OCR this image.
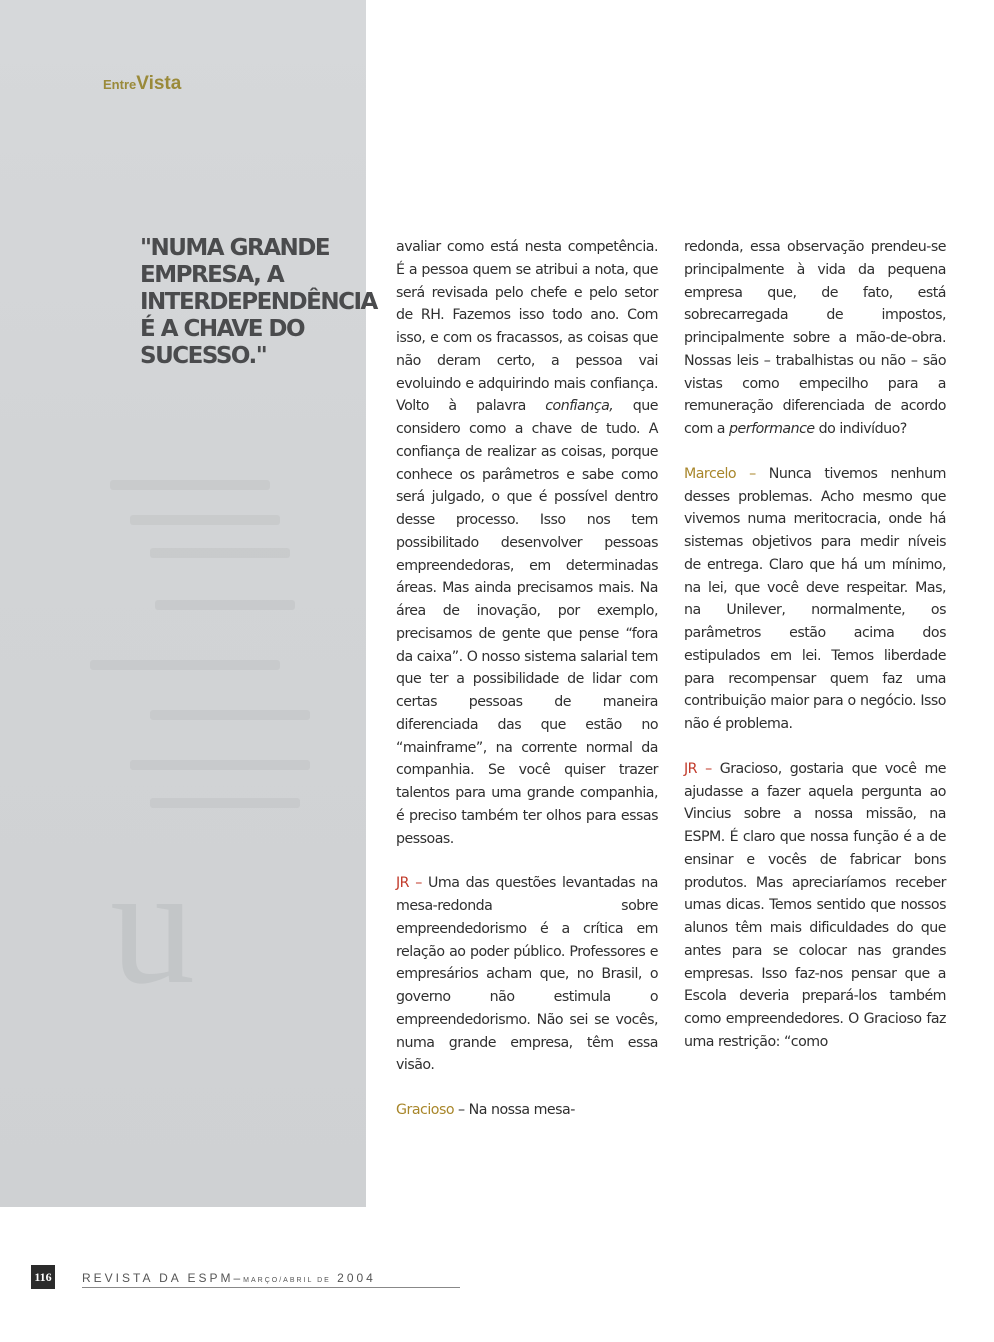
u
EntreVista
"NUMA GRANDE
EMPRESA, A
INTERDEPENDÊNCIA
É A CHAVE DO
SUCESSO."

avaliar como está nesta competência. É a pessoa quem se atribui a nota, que será revisada pelo chefe e pelo setor de RH. Fazemos isso todo ano. Com isso, e com os fracassos, as coisas que não deram certo, a pessoa vai evoluindo e adquirindo mais confiança. Volto à palavra confiança, que considero como a chave de tudo. A confiança de realizar as coisas, porque conhece os parâmetros e sabe como será julgado, o que é possível dentro desse processo. Isso nos tem possibilitado desenvolver pessoas empreendedoras, em determinadas áreas. Mas ainda precisamos mais. Na área de inovação, por exemplo, precisamos de gente que pense “fora da caixa”. O nosso sistema salarial tem que ter a possibilidade de lidar com certas pessoas de maneira diferenciada das que estão no “mainframe”, na corrente normal da companhia. Se você quiser trazer talentos para uma grande companhia, é preciso também ter olhos para essas pessoas.

JR – Uma das questões levantadas na mesa-redonda sobre empreendedorismo é a crítica em relação ao poder público. Professores e empresários acham que, no Brasil, o governo não estimula o empreendedorismo. Não sei se vocês, numa grande empresa, têm essa visão.

Gracioso – Na nossa mesa-

redonda, essa observação prendeu-se principalmente à vida da pequena empresa que, de fato, está sobrecarregada de impostos, principalmente sobre a mão-de-obra. Nossas leis – trabalhistas ou não – são vistas como empecilho para a remuneração diferenciada de acordo com a performance do indivíduo?

Marcelo – Nunca tivemos nenhum desses problemas. Acho mesmo que vivemos numa meritocracia, onde há sistemas objetivos para medir níveis de entrega. Claro que há um mínimo, na lei, que você deve respeitar. Mas, na Unilever, normalmente, os parâmetros estão acima dos estipulados em lei. Temos liberdade para recompensar quem faz uma contribuição maior para o negócio. Isso não é problema.

JR – Gracioso, gostaria que você me ajudasse a fazer aquela pergunta ao Vincius sobre a nossa missão, na ESPM. É claro que nossa função é a de ensinar e vocês de fabricar bons produtos. Mas apreciaríamos receber umas dicas. Temos sentido que nossos alunos têm mais dificuldades do que antes para se colocar nas grandes empresas. Isso faz-nos pensar que a Escola deveria prepará-los também como empreendedores. O Gracioso faz uma restrição: “como

116	REVISTA DA ESPM–MARÇO/ABRIL DE 2004
